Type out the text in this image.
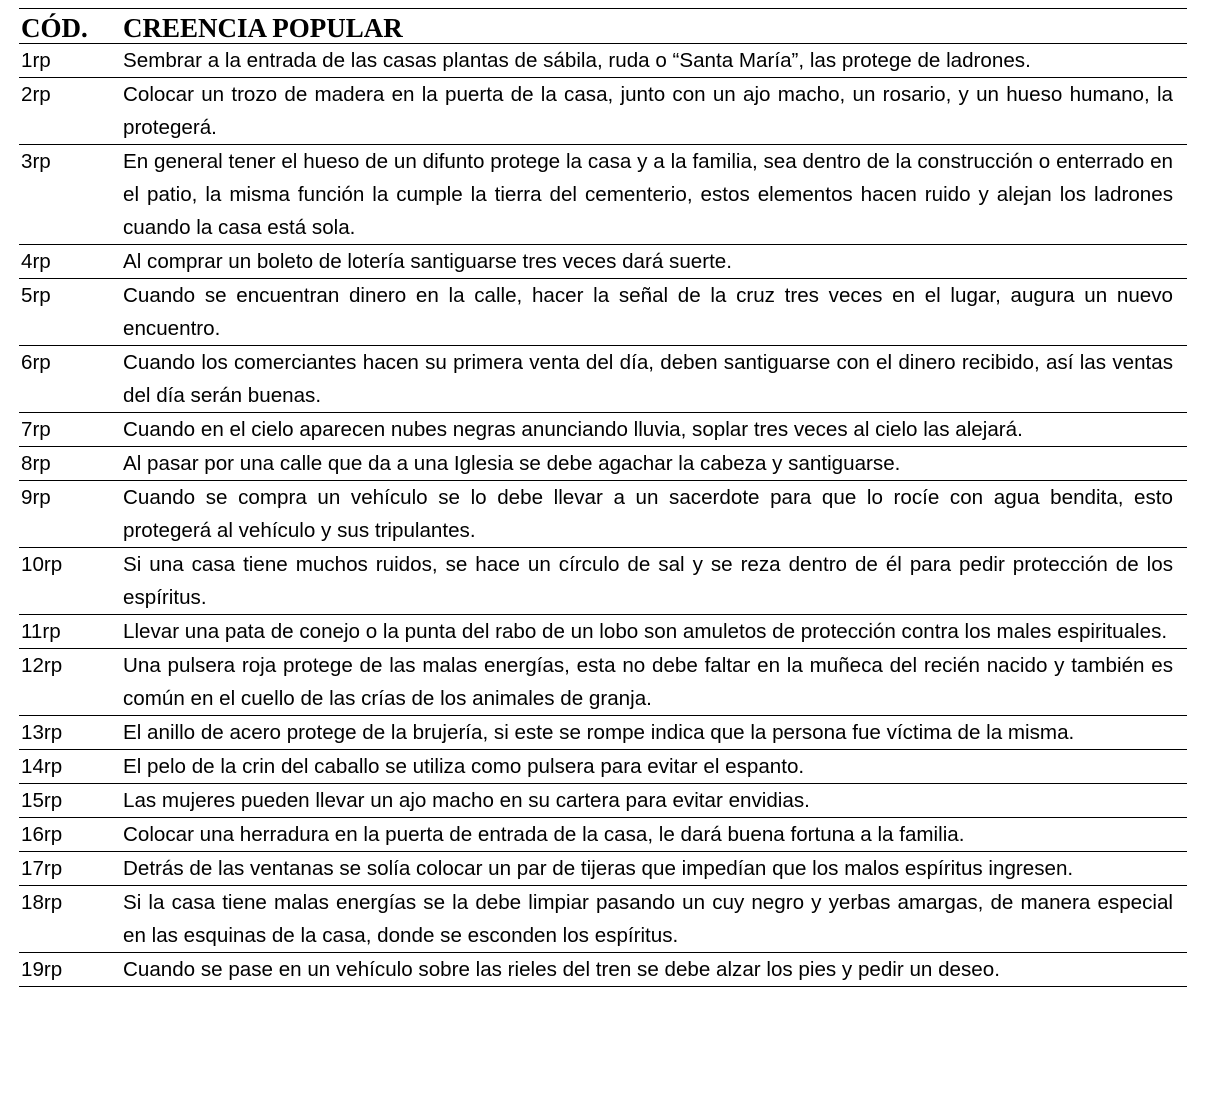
CÓD.	CREENCIA POPULAR
1rp	Sembrar a la entrada de las casas plantas de sábila, ruda o “Santa María”, las protege de ladrones.
2rp	Colocar un trozo de madera en la puerta de la casa, junto con un ajo macho, un rosario, y un hueso humano, la protegerá.
3rp	En general tener el hueso de un difunto protege la casa y a la familia, sea dentro de la construcción o enterrado en el patio, la misma función la cumple la tierra del cementerio, estos elementos hacen ruido y alejan los ladrones cuando la casa está sola.
4rp	Al comprar un boleto de lotería santiguarse tres veces dará suerte.
5rp	Cuando se encuentran dinero en la calle, hacer la señal de la cruz tres veces en el lugar, augura un nuevo encuentro.
6rp	Cuando los comerciantes hacen su primera venta del día, deben santiguarse con el dinero recibido, así las ventas del día serán buenas.
7rp	Cuando en el cielo aparecen nubes negras anunciando lluvia, soplar tres veces al cielo las alejará.
8rp	Al pasar por una calle que da a una Iglesia se debe agachar la cabeza y santiguarse.
9rp	Cuando se compra un vehículo se lo debe llevar a un sacerdote para que lo rocíe con agua bendita, esto protegerá al vehículo y sus tripulantes.
10rp	Si una casa tiene muchos ruidos, se hace un círculo de sal y se reza dentro de él para pedir protección de los espíritus.
11rp	Llevar una pata de conejo o la punta del rabo de un lobo son amuletos de protección contra los males espirituales.
12rp	Una pulsera roja protege de las malas energías, esta no debe faltar en la muñeca del recién nacido y también es común en el cuello de las crías de los animales de granja.
13rp	El anillo de acero protege de la brujería, si este se rompe indica que la persona fue víctima de la misma.
14rp	El pelo de la crin del caballo se utiliza como pulsera para evitar el espanto.
15rp	Las mujeres pueden llevar un ajo macho en su cartera para evitar envidias.
16rp	Colocar una herradura en la puerta de entrada de la casa, le dará buena fortuna a la familia.
17rp	Detrás de las ventanas se solía colocar un par de tijeras que impedían que los malos espíritus ingresen.
18rp	Si la casa tiene malas energías se la debe limpiar pasando un cuy negro y yerbas amargas, de manera especial en las esquinas de la casa, donde se esconden los espíritus.
19rp	Cuando se pase en un vehículo sobre las rieles del tren se debe alzar los pies y pedir un deseo.
